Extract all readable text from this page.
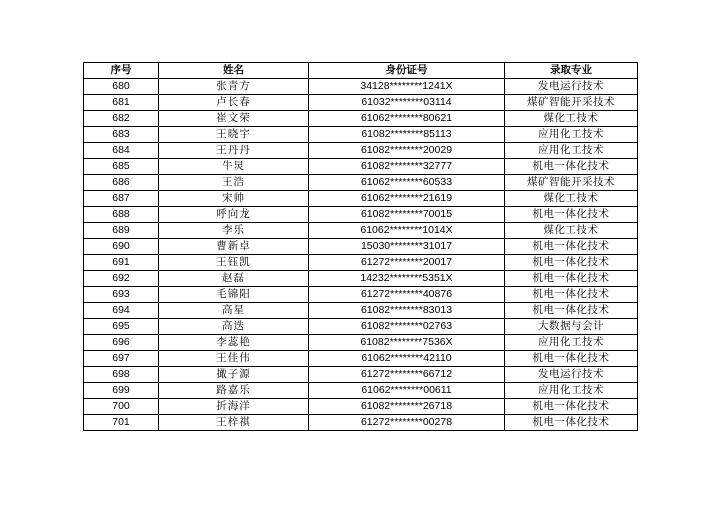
序号	姓名	身份证号	录取专业
680	张青方	34128********1241X	发电运行技术
681	卢长春	61032********03114	煤矿智能开采技术
682	崔文荣	61062********80621	煤化工技术
683	王晓宇	61082********85113	应用化工技术
684	王丹丹	61082********20029	应用化工技术
685	牛炅	61082********32777	机电一体化技术
686	王浩	61062********60533	煤矿智能开采技术
687	宋帅	61062********21619	煤化工技术
688	呼向龙	61082********70015	机电一体化技术
689	李乐	61062********1014X	煤化工技术
690	曹新卓	15030********31017	机电一体化技术
691	王钰凯	61272********20017	机电一体化技术
692	赵磊	14232********5351X	机电一体化技术
693	毛锦阳	61272********40876	机电一体化技术
694	高星	61082********83013	机电一体化技术
695	高迭	61082********02763	大数据与会计
696	李蕊艳	61082********7536X	应用化工技术
697	王佳伟	61062********42110	机电一体化技术
698	撖子源	61272********66712	发电运行技术
699	路嘉乐	61062********00611	应用化工技术
700	折海洋	61082********26718	机电一体化技术
701	王梓祺	61272********00278	机电一体化技术
